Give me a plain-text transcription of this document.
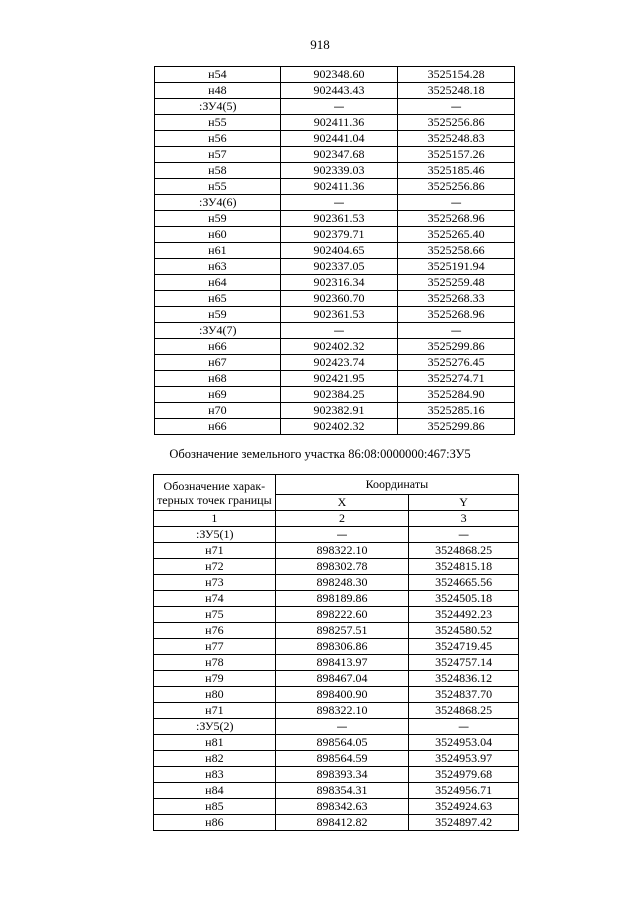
918
н54	902348.60	3525154.28
н48	902443.43	3525248.18
:ЗУ4(5)	—	—
н55	902411.36	3525256.86
н56	902441.04	3525248.83
н57	902347.68	3525157.26
н58	902339.03	3525185.46
н55	902411.36	3525256.86
:ЗУ4(6)	—	—
н59	902361.53	3525268.96
н60	902379.71	3525265.40
н61	902404.65	3525258.66
н63	902337.05	3525191.94
н64	902316.34	3525259.48
н65	902360.70	3525268.33
н59	902361.53	3525268.96
:ЗУ4(7)	—	—
н66	902402.32	3525299.86
н67	902423.74	3525276.45
н68	902421.95	3525274.71
н69	902384.25	3525284.90
н70	902382.91	3525285.16
н66	902402.32	3525299.86
Обозначение земельного участка 86:08:0000000:467:ЗУ5
Обозначение харак-терных точек границы	Координаты	
	X	Y
1	2	3
:ЗУ5(1)	—	—
н71	898322.10	3524868.25
н72	898302.78	3524815.18
н73	898248.30	3524665.56
н74	898189.86	3524505.18
н75	898222.60	3524492.23
н76	898257.51	3524580.52
н77	898306.86	3524719.45
н78	898413.97	3524757.14
н79	898467.04	3524836.12
н80	898400.90	3524837.70
н71	898322.10	3524868.25
:ЗУ5(2)	—	—
н81	898564.05	3524953.04
н82	898564.59	3524953.97
н83	898393.34	3524979.68
н84	898354.31	3524956.71
н85	898342.63	3524924.63
н86	898412.82	3524897.42
